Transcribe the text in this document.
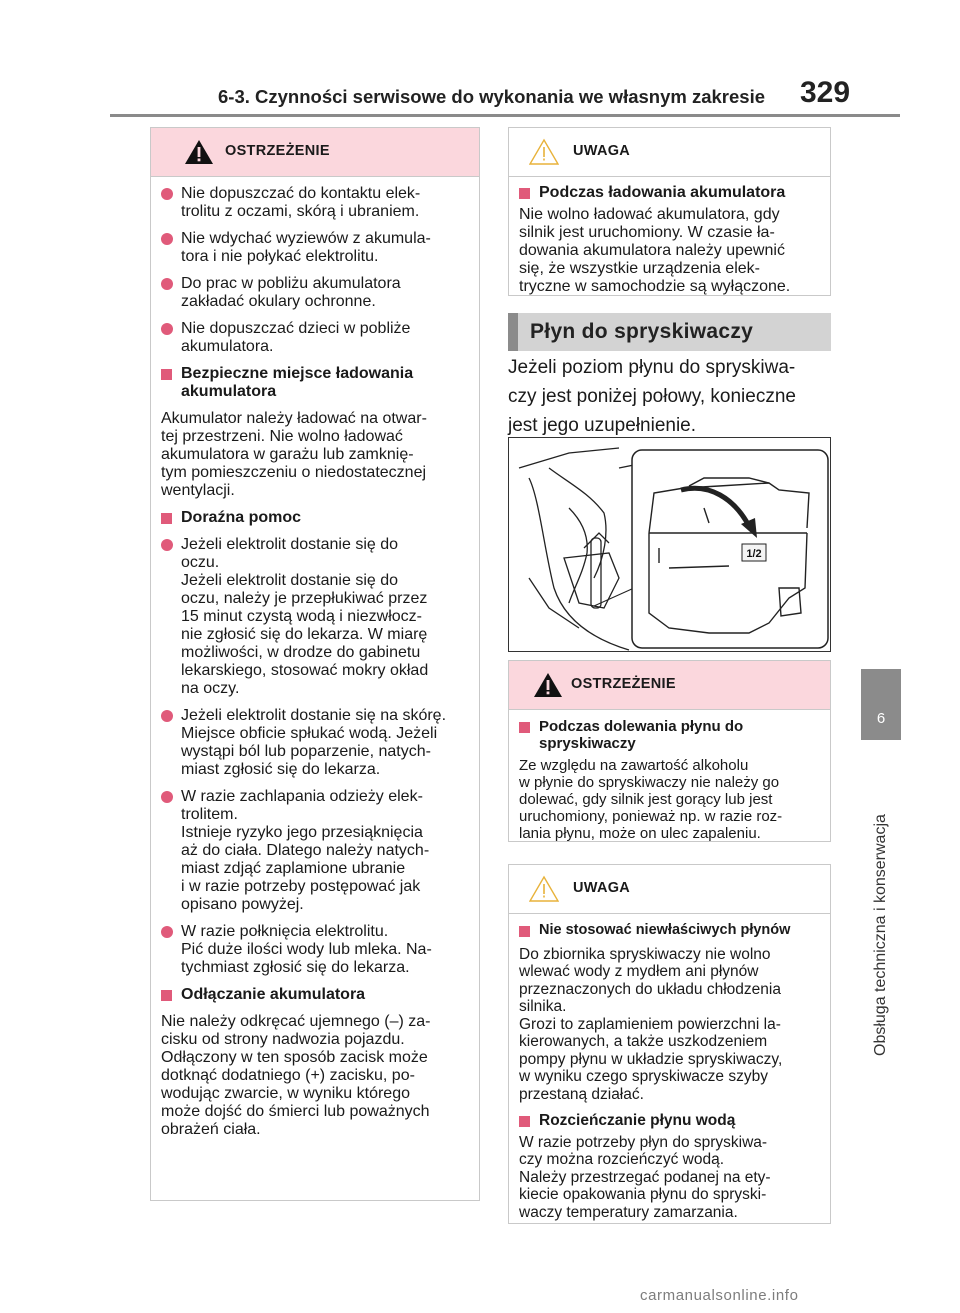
6-3. Czynności serwisowe do wykonania we własnym zakresie 329
6
Obsługa techniczna i konserwacja
OSTRZEŻENIE
Nie dopuszczać do kontaktu elek-
trolitu z oczami, skórą i ubraniem.
Nie wdychać wyziewów z akumula-
tora i nie połykać elektrolitu.
Do prac w pobliżu akumulatora
zakładać okulary ochronne.
Nie dopuszczać dzieci w pobliże
akumulatora.
Bezpieczne miejsce ładowania
akumulatora
Akumulator należy ładować na otwar-
tej przestrzeni. Nie wolno ładować
akumulatora w garażu lub zamknię-
tym pomieszczeniu o niedostatecznej
wentylacji.
Doraźna pomoc
Jeżeli elektrolit dostanie się do
oczu.
Jeżeli elektrolit dostanie się do
oczu, należy je przepłukiwać przez
15 minut czystą wodą i niezwłocz-
nie zgłosić się do lekarza. W miarę
możliwości, w drodze do gabinetu
lekarskiego, stosować mokry okład
na oczy.
Jeżeli elektrolit dostanie się na skórę.
Miejsce obficie spłukać wodą. Jeżeli
wystąpi ból lub poparzenie, natych-
miast zgłosić się do lekarza.
W razie zachlapania odzieży elek-
trolitem.
Istnieje ryzyko jego przesiąknięcia
aż do ciała. Dlatego należy natych-
miast zdjąć zaplamione ubranie
i w razie potrzeby postępować jak
opisano powyżej.
W razie połknięcia elektrolitu.
Pić duże ilości wody lub mleka. Na-
tychmiast zgłosić się do lekarza.
Odłączanie akumulatora
Nie należy odkręcać ujemnego (–) za-
cisku od strony nadwozia pojazdu.
Odłączony w ten sposób zacisk może
dotknąć dodatniego (+) zacisku, po-
wodując zwarcie, w wyniku którego
może dojść do śmierci lub poważnych
obrażeń ciała.
UWAGA
Podczas ładowania akumulatora
Nie wolno ładować akumulatora, gdy
silnik jest uruchomiony. W czasie ła-
dowania akumulatora należy upewnić
się, że wszystkie urządzenia elek-
tryczne w samochodzie są wyłączone.
Płyn do spryskiwaczy
Jeżeli poziom płynu do spryskiwa-
czy jest poniżej połowy, konieczne
jest jego uzupełnienie.
1/2
OSTRZEŻENIE
Podczas dolewania płynu do
spryskiwaczy
Ze względu na zawartość alkoholu
w płynie do spryskiwaczy nie należy go
dolewać, gdy silnik jest gorący lub jest
uruchomiony, ponieważ np. w razie roz-
lania płynu, może on ulec zapaleniu.
UWAGA
Nie stosować niewłaściwych płynów
Do zbiornika spryskiwaczy nie wolno
wlewać wody z mydłem ani płynów
przeznaczonych do układu chłodzenia
silnika.
Grozi to zaplamieniem powierzchni la-
kierowanych, a także uszkodzeniem
pompy płynu w układzie spryskiwaczy,
w wyniku czego spryskiwacze szyby
przestaną działać.
Rozcieńczanie płynu wodą
W razie potrzeby płyn do spryskiwa-
czy można rozcieńczyć wodą.
Należy przestrzegać podanej na ety-
kiecie opakowania płynu do spryski-
waczy temperatury zamarzania.
carmanualsonline.info
